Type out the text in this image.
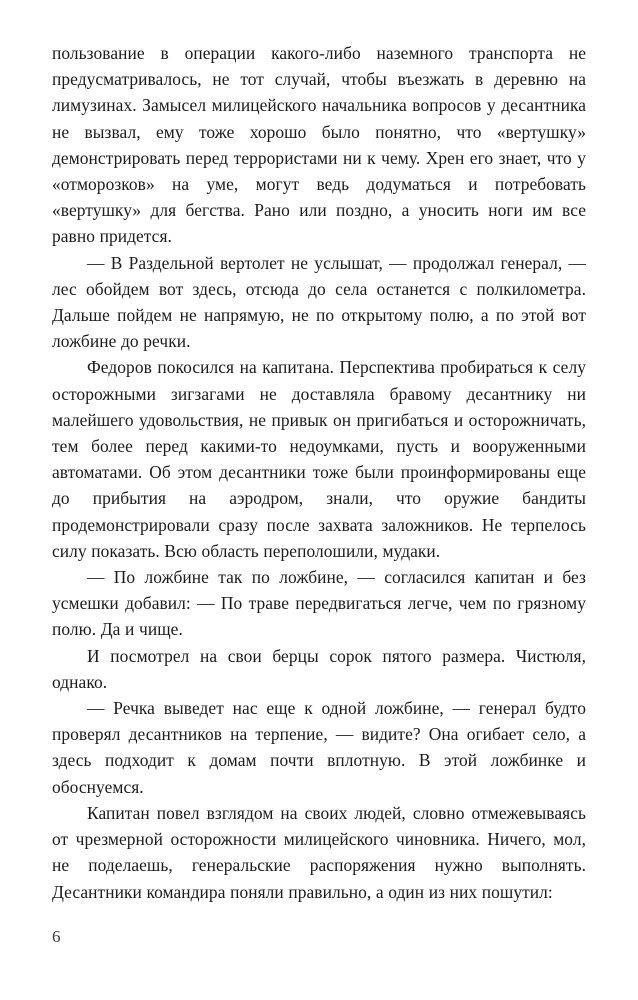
пользование в операции какого-либо наземного транспорта не предусматривалось, не тот случай, чтобы въезжать в деревню на лимузинах. Замысел милицейского начальника вопросов у десантника не вызвал, ему тоже хорошо было понятно, что «вертушку» демонстрировать перед террористами ни к чему. Хрен его знает, что у «отморозков» на уме, могут ведь додуматься и потребовать «вертушку» для бегства. Рано или поздно, а уносить ноги им все равно придется.

— В Раздельной вертолет не услышат, — продолжал генерал, — лес обойдем вот здесь, отсюда до села останется с полкилометра. Дальше пойдем не напрямую, не по открытому полю, а по этой вот ложбине до речки.

Федоров покосился на капитана. Перспектива пробираться к селу осторожными зигзагами не доставляла бравому десантнику ни малейшего удовольствия, не привык он пригибаться и осторожничать, тем более перед какими-то недоумками, пусть и вооруженными автоматами. Об этом десантники тоже были проинформированы еще до прибытия на аэродром, знали, что оружие бандиты продемонстрировали сразу после захвата заложников. Не терпелось силу показать. Всю область переполошили, мудаки.

— По ложбине так по ложбине, — согласился капитан и без усмешки добавил: — По траве передвигаться легче, чем по грязному полю. Да и чище.

И посмотрел на свои берцы сорок пятого размера. Чистюля, однако.

— Речка выведет нас еще к одной ложбине, — генерал будто проверял десантников на терпение, — видите? Она огибает село, а здесь подходит к домам почти вплотную. В этой ложбинке и обоснуемся.

Капитан повел взглядом на своих людей, словно отмежевываясь от чрезмерной осторожности милицейского чиновника. Ничего, мол, не поделаешь, генеральские распоряжения нужно выполнять. Десантники командира поняли правильно, а один из них пошутил:

6
